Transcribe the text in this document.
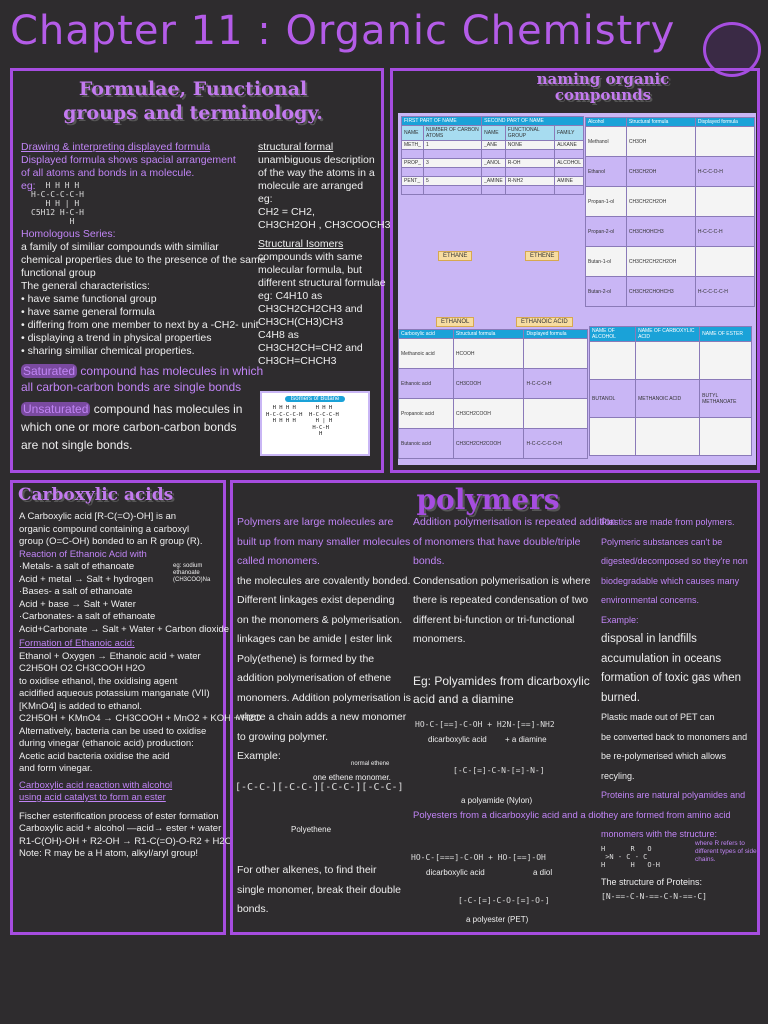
Chapter 11 : Organic Chemistry
Formulae, Functional groups and terminology.
Drawing & interpreting displayed formula
Displayed formula shows spacial arrangement
of all atoms and bonds in a molecule.
eg:	H H H H
H-C-C-C-C-H
H H | H
C5H12 H-C-H
H
Homologous Series:
a family of similiar compounds with similiar
chemical properties due to the presence of the same
functional group
The general characteristics:
• have same functional group
• have same general formula
• differing from one member to next by a -CH2- unit
• displaying a trend in physical properties
• sharing similiar chemical properties.
Saturated compound has molecules in which
all carbon-carbon bonds are single bonds
Unsaturated compound has molecules in
which one or more carbon-carbon bonds
are not single bonds.
structural formal
unambiguous description
of the way the atoms in a
molecule are arranged
eg:
CH2 = CH2,
CH3CH2OH , CH3COOCH3
Structural Isomers
compounds with same
molecular formula, but
different structural formulae
eg: C4H10 as
CH3CH2CH2CH3 and
CH3CH(CH3)CH3
C4H8 as
CH3CH2CH=CH2 and
CH3CH=CHCH3
Isomers of Butane
H H H H      H H H
H-C-C-C-C-H  H-C-C-C-H
H H H H      H | H
H-C-H
H
naming organic compounds
FIRST PART OF NAME		SECOND PART OF NAME		
NAME	NUMBER OF CARBON ATOMS	NAME	FUNCTIONAL GROUP	FAMILY
METH_	1	_ANE	NONE	ALKANE

PROP_	3	_ANOL	R-OH	ALCOHOL

PENT_	5	_AMINE	R-NH2	AMINE

ETHANE	ETHENE
ETHANOL	ETHANOIC ACID
Alcohol	Structural formula	Displayed formula
Methanol	CH3OH	
Ethanol	CH3CH2OH	H-C-C-O-H
Propan-1-ol	CH3CH2CH2OH	
Propan-2-ol	CH3CHOHCH3	H-C-C-C-H
Butan-1-ol	CH3CH2CH2CH2OH	
Butan-2-ol	CH3CH2CHOHCH3	H-C-C-C-C-H
Carboxylic acid	Structural formula	Displayed formula
Methanoic acid	HCOOH	
Ethanoic acid	CH3COOH	H-C-C-O-H
Propanoic acid	CH3CH2COOH	
Butanoic acid	CH3CH2CH2COOH	H-C-C-C-C-O-H
NAME OF ALCOHOL	NAME OF CARBOXYLIC ACID	NAME OF ESTER

BUTANOL	METHANOIC ACID	BUTYL METHANOATE

Carboxylic acids
A Carboxylic acid [R-C(=O)-OH] is an
organic compound containing a carboxyl
group (O=C-OH) bonded to an R group (R).
Reaction of Ethanoic Acid with
·Metals- a salt of ethanoate
Acid + metal → Salt + hydrogen
·Bases- a salt of ethanoate
Acid + base → Salt + Water
·Carbonates- a salt of ethanoate
Acid+Carbonate → Salt + Water + Carbon dioxide
Formation of Ethanoic acid:
Ethanol + Oxygen → Ethanoic acid + water
C2H5OH O2 CH3COOH H2O
to oxidise ethanol, the oxidising agent
acidified aqueous potassium manganate (VII)
[KMnO4] is added to ethanol.
C2H5OH + KMnO4 → CH3COOH + MnO2 + KOH + H2O
Alternatively, bacteria can be used to oxidise
during vinegar (ethanoic acid) production:
Acetic acid bacteria oxidise the acid
and form vinegar.
Carboxylic acid reaction with alcohol
using acid catalyst to form an ester
Fischer esterification process of ester formation
Carboxylic acid + alcohol —acid→ ester + water
R1-C(OH)-OH + R2-OH → R1-C(=O)-O-R2 + H2O
Note: R may be a H atom, alkyl/aryl group!
eg: sodium ethanoate (CH3COO)Na
polymers
Polymers are large molecules are
built up from many smaller molecules
called monomers.
the molecules are covalently bonded.
Different linkages exist depending
on the monomers & polymerisation.
linkages can be amide | ester link
Poly(ethene) is formed by the
addition polymerisation of ethene
monomers. Addition polymerisation is
where a chain adds a new monomer
to growing polymer.
Example:
one ethene monomer.
normal ethene
[-C-C-][-C-C-][-C-C-][-C-C-]
Polyethene
For other alkenes, to find their
single monomer, break their double
bonds.
Addition polymerisation is repeated addition
of monomers that have double/triple
bonds.
Condensation polymerisation is where
there is repeated condensation of two
different bi-function or tri-functional
monomers.
Eg: Polyamides from dicarboxylic acid and a diamine
HO-C-[==]-C-OH + H2N-[==]-NH2
dicarboxylic acid + a diamine
[-C-[=]-C-N-[=]-N-]
a polyamide (Nylon)
Polyesters from a dicarboxylic acid and a diol.
HO-C-[===]-C-OH + HO-[==]-OH
dicarboxylic acid	a diol
[-C-[=]-C-O-[=]-O-]
a polyester (PET)
Plastics are made from polymers.
Polymeric substances can't be
digested/decomposed so they're non
biodegradable which causes many
environmental concerns.
Example:
disposal in landfills
accumulation in oceans
formation of toxic gas when
burned.
Plastic made out of PET can
be converted back to monomers and
be re-polymerised which allows
recyling.
Proteins are natural polyamides and
they are formed from amino acid
monomers with the structure:
H      R   O
>N - C - C
H      H   O-H
The structure of Proteins:
[N-==-C-N-==-C-N-==-C]
where R refers to different types of side chains.
